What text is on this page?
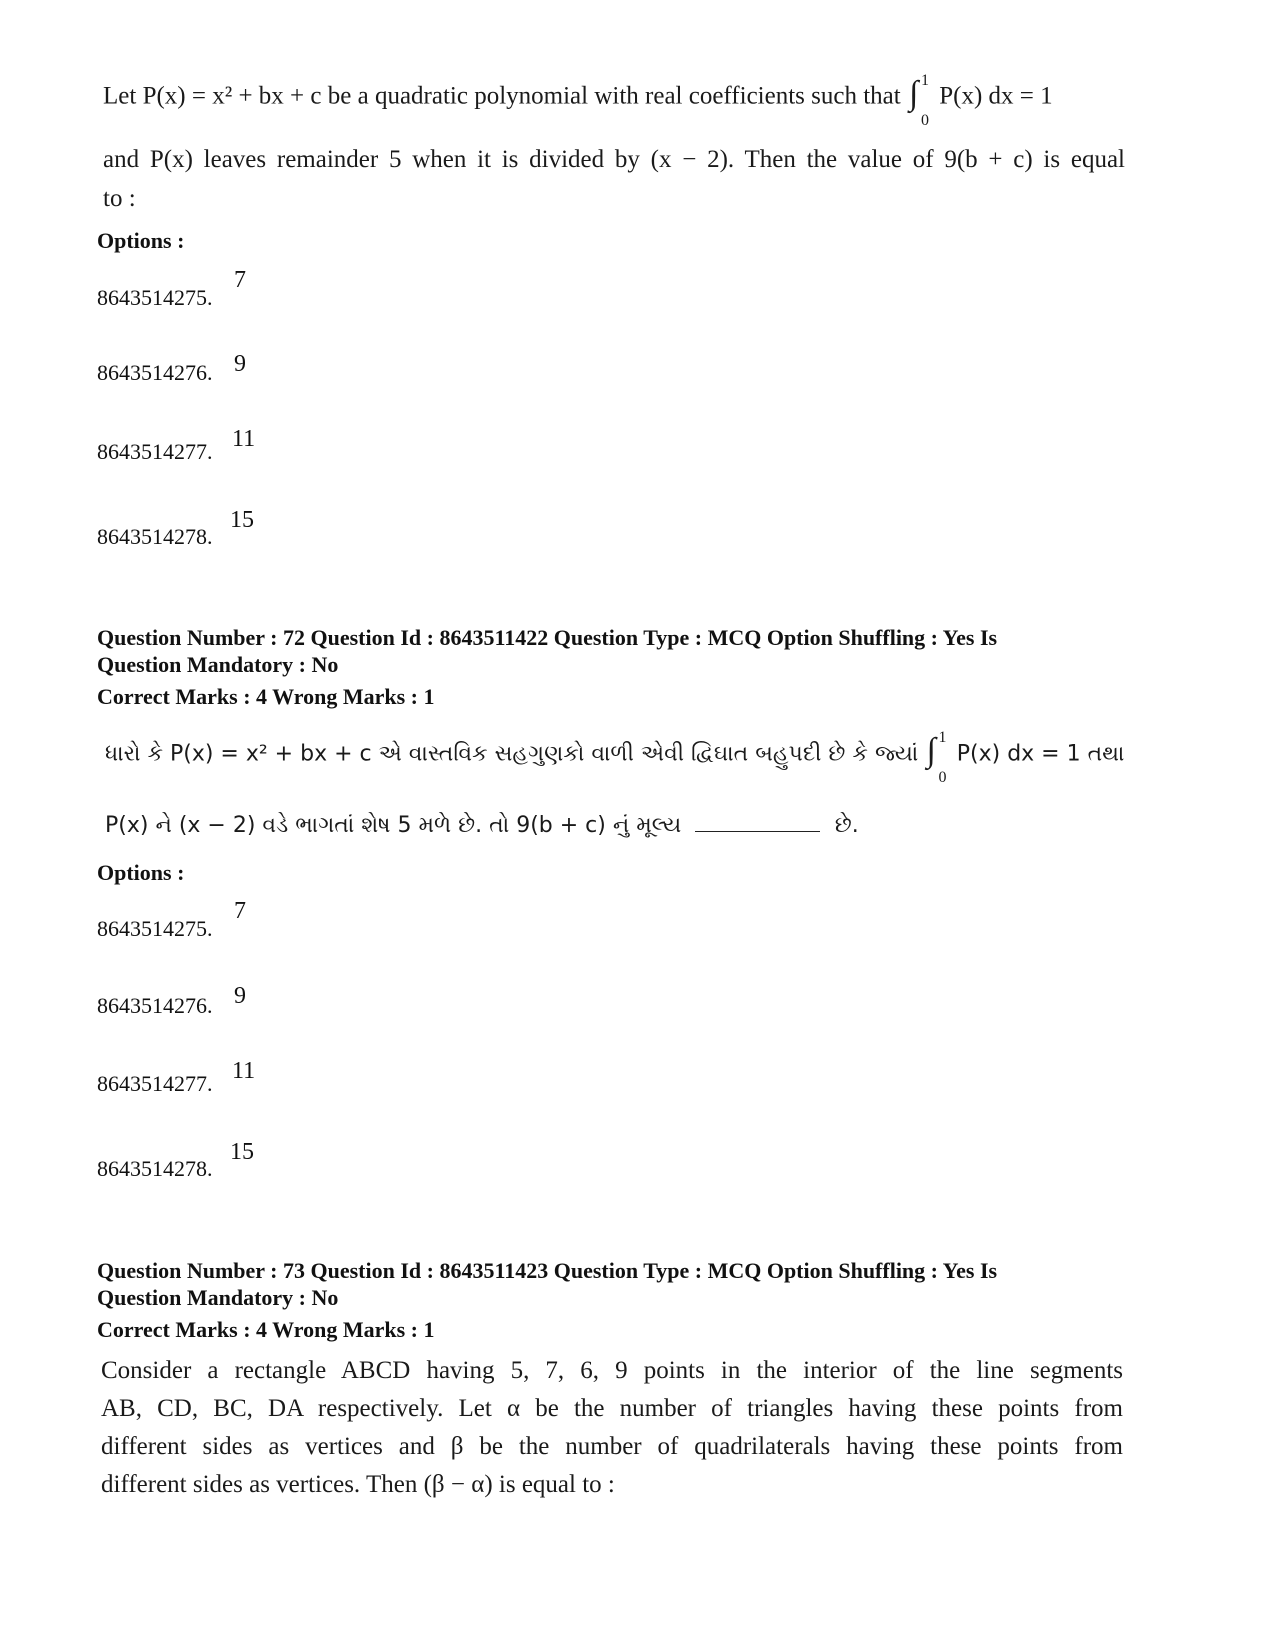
Let P(x) = x² + bx + c be a quadratic polynomial with real coefficients such that ∫ 1
0
P(x) dx = 1
and P(x) leaves remainder 5 when it is divided by (x − 2). Then the value of 9(b + c) is equal
to :
Options :
8643514275.
7
8643514276. 9
8643514277. 11
8643514278.
15
Question Number : 72 Question Id : 8643511422 Question Type : MCQ Option Shuffling : Yes Is
Question Mandatory : No
Correct Marks : 4 Wrong Marks : 1
ધારો કે P(x) = x² + bx + c એ વાસ્તવિક સહગુણકો વાળી એવી દ્વિઘાત બહુપદી છે કે જ્યાં ∫ 1
0
P(x) dx = 1 તથા
P(x) ને (x − 2) વડે ભાગતાં શેષ 5 મળે છે. તો 9(b + c) નું મૂલ્ય	છે.
Options :
8643514275.
7
8643514276. 9
8643514277. 11
8643514278.
15
Question Number : 73 Question Id : 8643511423 Question Type : MCQ Option Shuffling : Yes Is
Question Mandatory : No
Correct Marks : 4 Wrong Marks : 1
Consider a rectangle ABCD having 5, 7, 6, 9 points in the interior of the line segments
AB, CD, BC, DA respectively. Let α be the number of triangles having these points from
different sides as vertices and β be the number of quadrilaterals having these points from
different sides as vertices. Then (β − α) is equal to :
